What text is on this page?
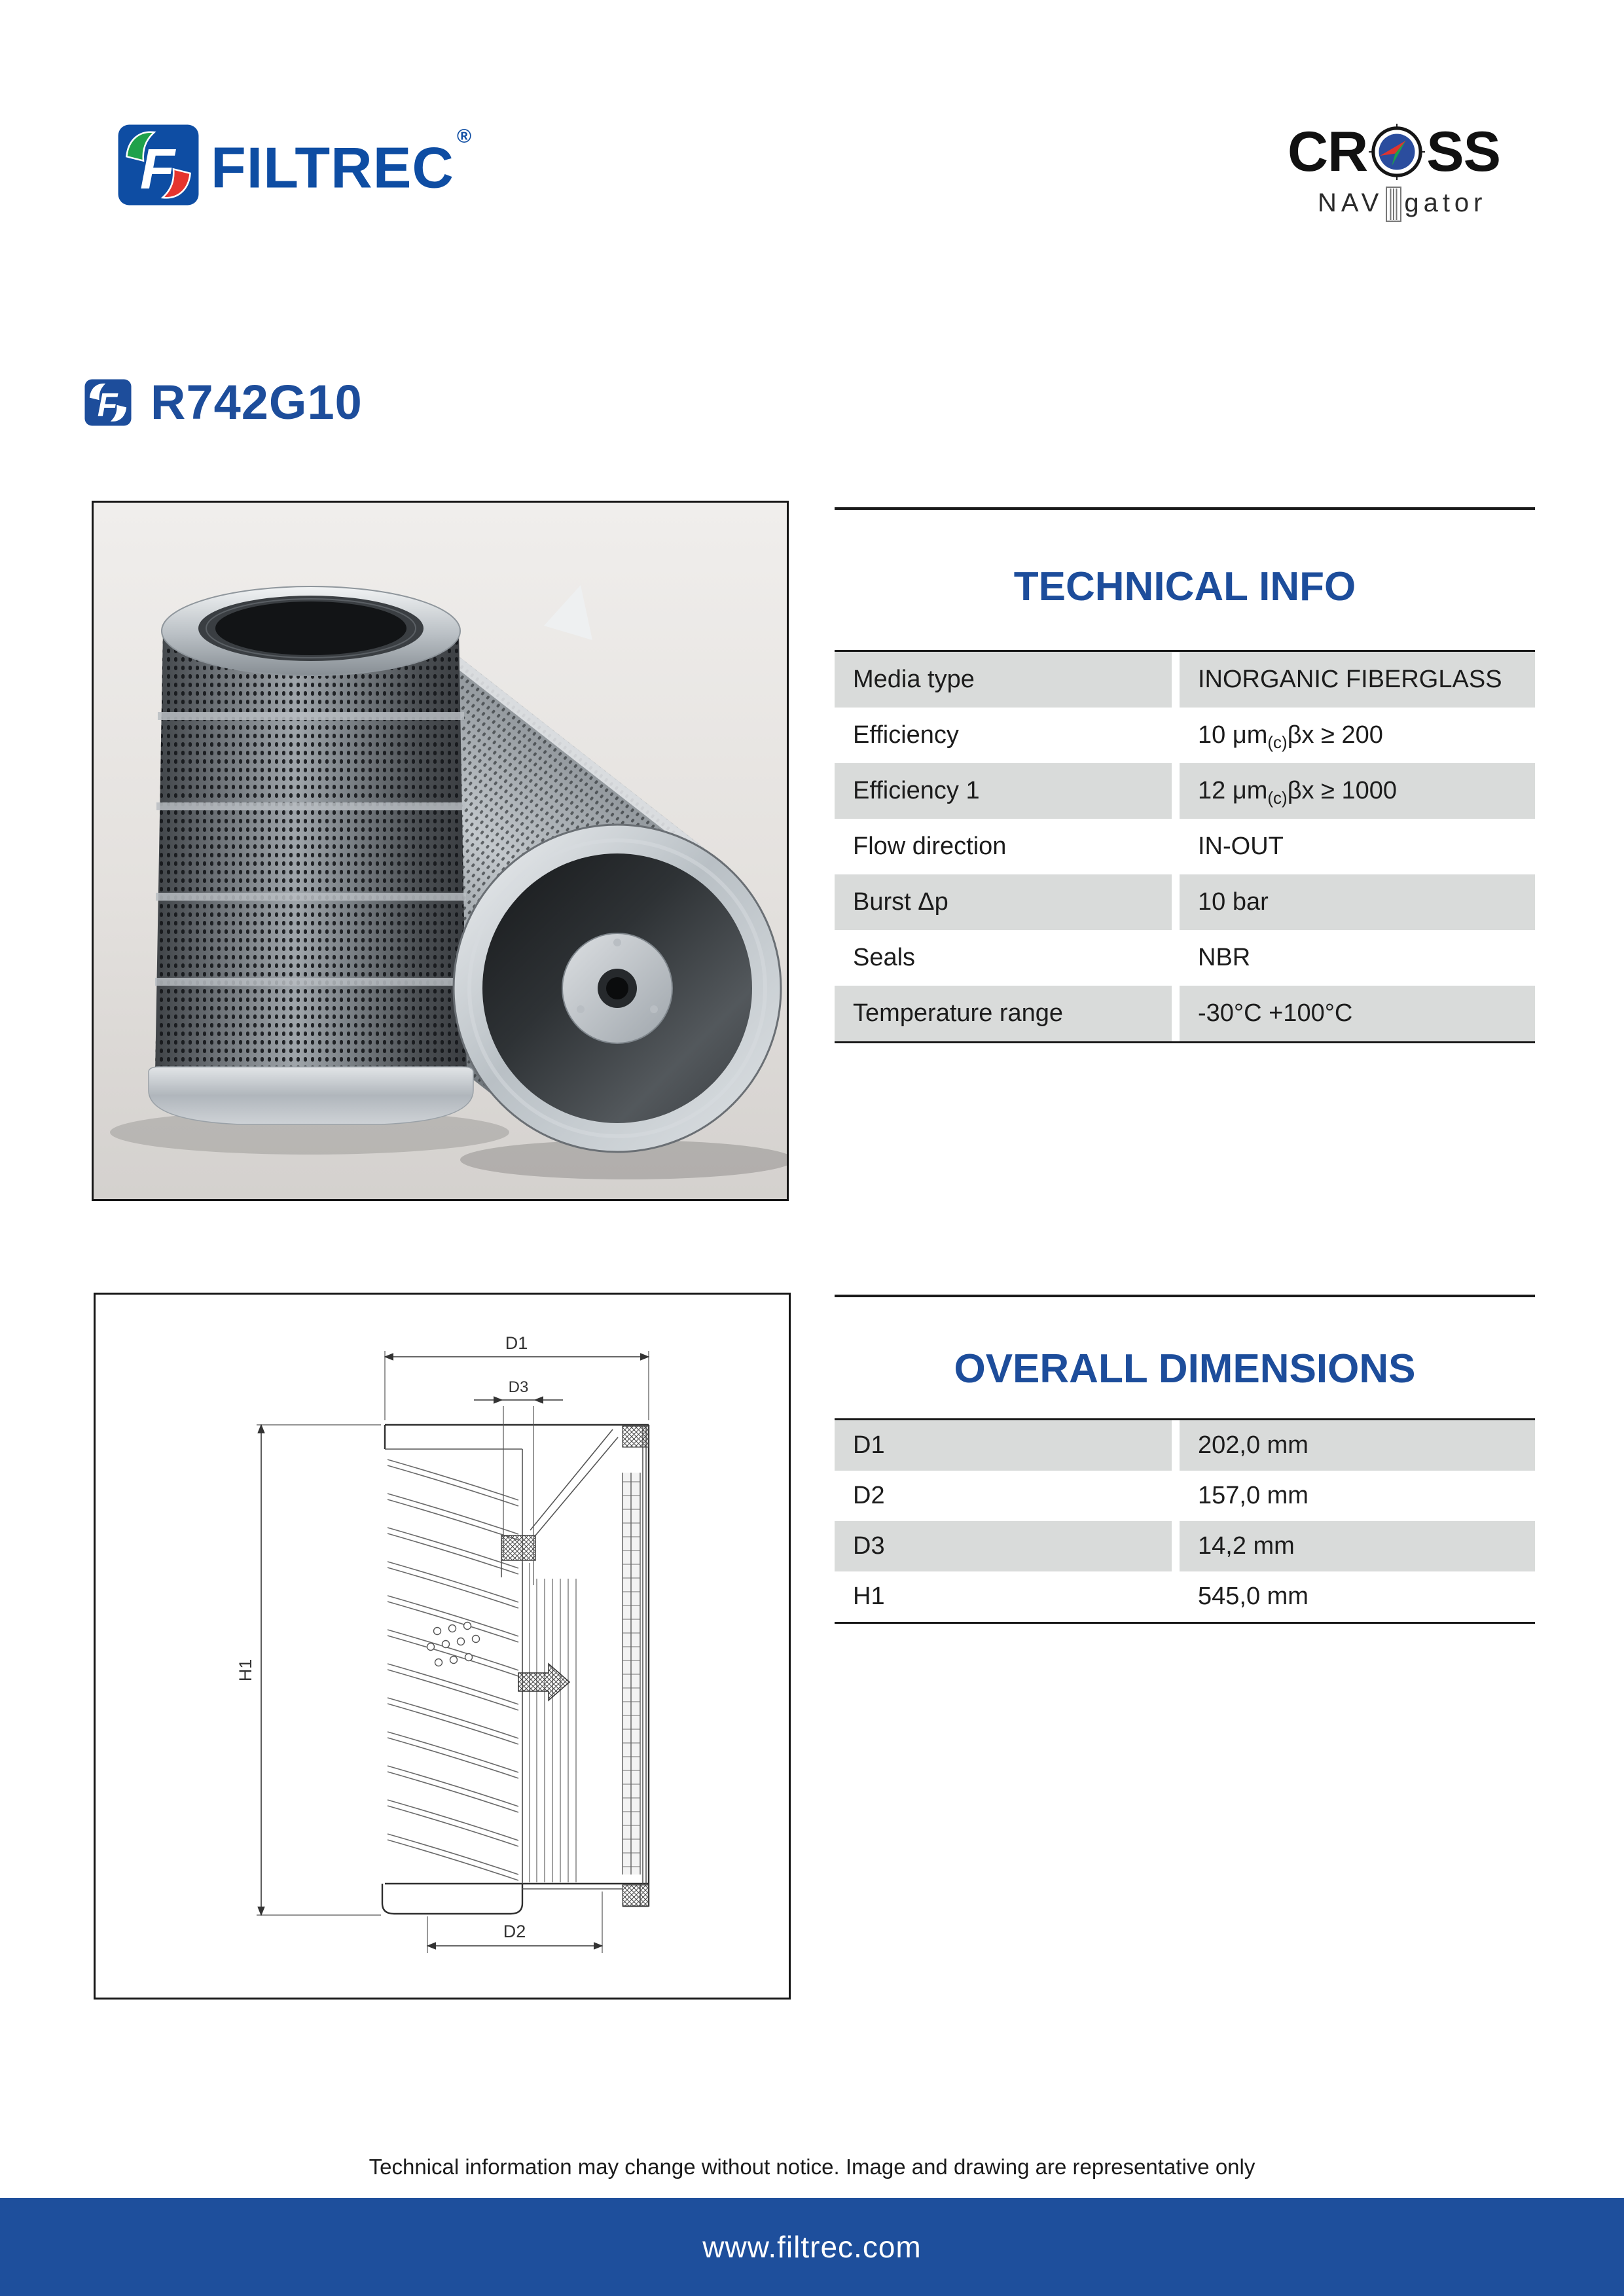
F FILTREC ®	CR SS
NAV gator
F R742G10
TECHNICAL INFO
Media type	INORGANIC FIBERGLASS
Efficiency	10 μm (c) βx ≥ 200
Efficiency 1	12 μm (c) βx ≥ 1000
Flow direction	IN-OUT
Burst Δp	10 bar
Seals	NBR
Temperature range	-30°C +100°C
D1
D3
H1
D2
OVERALL DIMENSIONS
D1	202,0 mm
D2	157,0 mm
D3	14,2 mm
H1	545,0 mm
Technical information may change without notice. Image and drawing are representative only
www.filtrec.com
